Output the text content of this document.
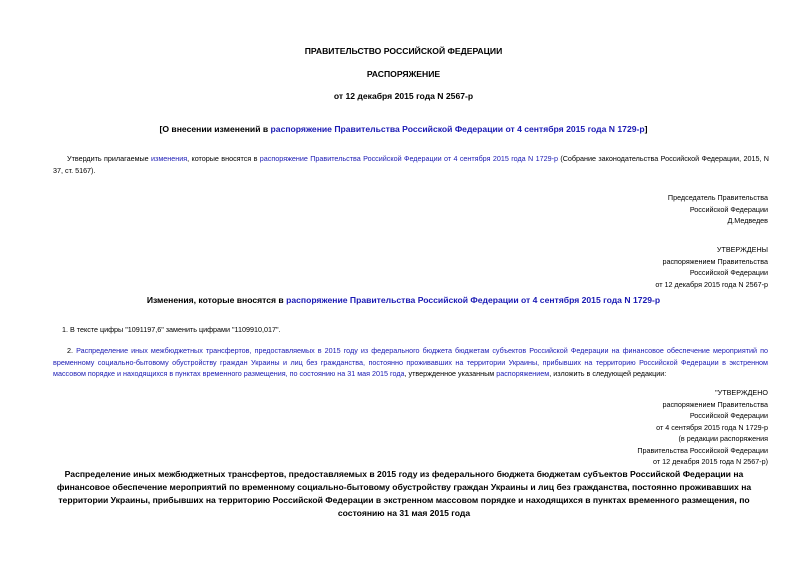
ПРАВИТЕЛЬСТВО РОССИЙСКОЙ ФЕДЕРАЦИИ
РАСПОРЯЖЕНИЕ
от 12 декабря 2015 года N 2567-р
[О внесении изменений в распоряжение Правительства Российской Федерации от 4 сентября 2015 года N 1729-р]
Утвердить прилагаемые изменения, которые вносятся в распоряжение Правительства Российской Федерации от 4 сентября 2015 года N 1729-р (Собрание законодательства Российской Федерации, 2015, N 37, ст. 5167).
Председатель Правительства
Российской Федерации
Д.Медведев
УТВЕРЖДЕНЫ
распоряжением Правительства
Российской Федерации
от 12 декабря 2015 года N 2567-р
Изменения, которые вносятся в распоряжение Правительства Российской Федерации от 4 сентября 2015 года N 1729-р
1. В тексте цифры "1091197,6" заменить цифрами "1109910,017".
2. Распределение иных межбюджетных трансфертов, предоставляемых в 2015 году из федерального бюджета бюджетам субъектов Российской Федерации на финансовое обеспечение мероприятий по временному социально-бытовому обустройству граждан Украины и лиц без гражданства, постоянно проживавших на территории Украины, прибывших на территорию Российской Федерации в экстренном массовом порядке и находящихся в пунктах временного размещения, по состоянию на 31 мая 2015 года, утвержденное указанным распоряжением, изложить в следующей редакции:
"УТВЕРЖДЕНО
распоряжением Правительства
Российской Федерации
от 4 сентября 2015 года N 1729-р
(в редакции распоряжения
Правительства Российской Федерации
от 12 декабря 2015 года N 2567-р)
Распределение иных межбюджетных трансфертов, предоставляемых в 2015 году из федерального бюджета бюджетам субъектов Российской Федерации на финансовое обеспечение мероприятий по временному социально-бытовому обустройству граждан Украины и лиц без гражданства, постоянно проживавших на территории Украины, прибывших на территорию Российской Федерации в экстренном массовом порядке и находящихся в пунктах временного размещения, по состоянию на 31 мая 2015 года
